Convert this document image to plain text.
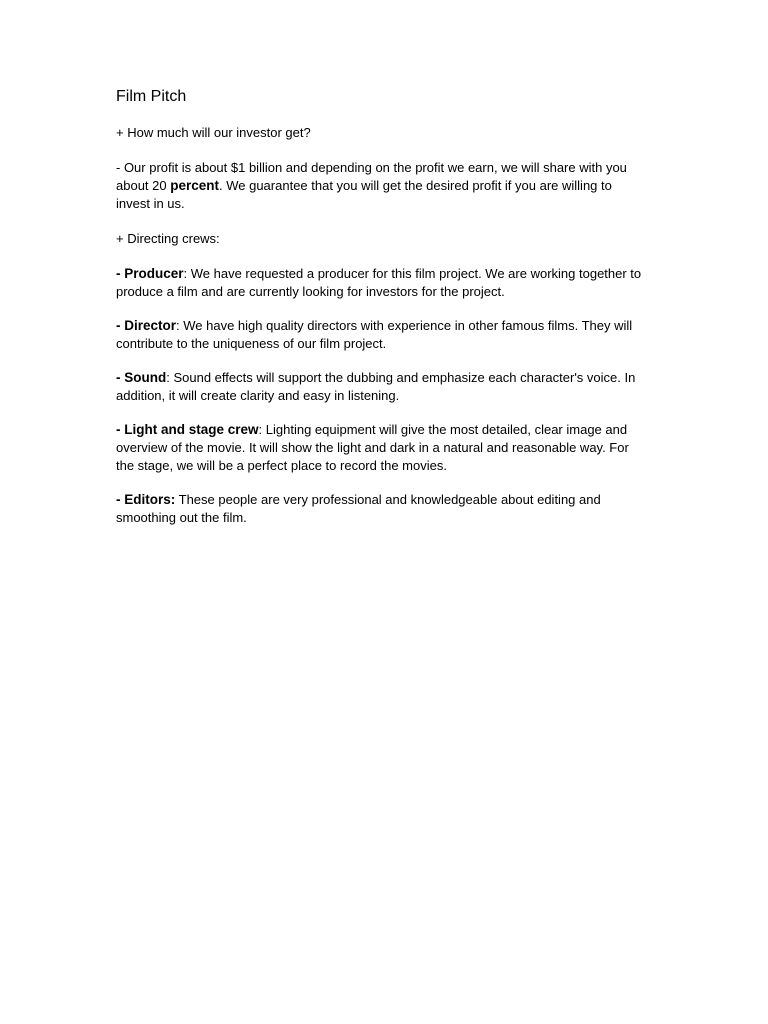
Film Pitch

+ How much will our investor get?

- Our profit is about $1 billion and depending on the profit we earn, we will share with you about 20 percent. We guarantee that you will get the desired profit if you are willing to invest in us.

+ Directing crews:

- Producer: We have requested a producer for this film project. We are working together to produce a film and are currently looking for investors for the project.

- Director: We have high quality directors with experience in other famous films. They will contribute to the uniqueness of our film project.

- Sound: Sound effects will support the dubbing and emphasize each character's voice. In addition, it will create clarity and easy in listening.

- Light and stage crew: Lighting equipment will give the most detailed, clear image and overview of the movie. It will show the light and dark in a natural and reasonable way. For the stage, we will be a perfect place to record the movies.

- Editors: These people are very professional and knowledgeable about editing and smoothing out the film.
